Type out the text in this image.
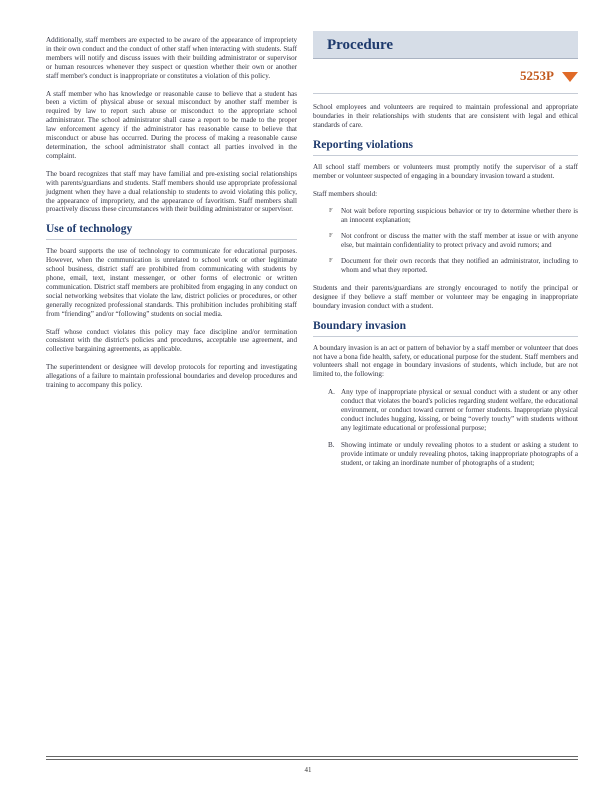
Additionally, staff members are expected to be aware of the appearance of impropriety in their own conduct and the conduct of other staff when interacting with students. Staff members will notify and discuss issues with their building administrator or supervisor or human resources whenever they suspect or question whether their own or another staff member's conduct is inappropriate or constitutes a violation of this policy.

A staff member who has knowledge or reasonable cause to believe that a student has been a victim of physical abuse or sexual misconduct by another staff member is required by law to report such abuse or misconduct to the appropriate school administrator. The school administrator shall cause a report to be made to the proper law enforcement agency if the administrator has reasonable cause to believe that misconduct or abuse has occurred. During the process of making a reasonable cause determination, the school administrator shall contact all parties involved in the complaint.

The board recognizes that staff may have familial and pre-existing social relationships with parents/guardians and students. Staff members should use appropriate professional judgment when they have a dual relationship to students to avoid violating this policy, the appearance of impropriety, and the appearance of favoritism. Staff members shall proactively discuss these circumstances with their building administrator or supervisor.

Use of technology

The board supports the use of technology to communicate for educational purposes. However, when the communication is unrelated to school work or other legitimate school business, district staff are prohibited from communicating with students by phone, email, text, instant messenger, or other forms of electronic or written communication. District staff members are prohibited from engaging in any conduct on social networking websites that violate the law, district policies or procedures, or other generally recognized professional standards. This prohibition includes prohibiting staff from “friending” and/or “following” students on social media.

Staff whose conduct violates this policy may face discipline and/or termination consistent with the district's policies and procedures, acceptable use agreement, and collective bargaining agreements, as applicable.

The superintendent or designee will develop protocols for reporting and investigating allegations of a failure to maintain professional boundaries and develop procedures and training to accompany this policy.

Procedure
5253P

School employees and volunteers are required to maintain professional and appropriate boundaries in their relationships with students that are consistent with legal and ethical standards of care.

Reporting violations

All school staff members or volunteers must promptly notify the supervisor of a staff member or volunteer suspected of engaging in a boundary invasion toward a student.

Staff members should:

F Not wait before reporting suspicious behavior or try to determine whether there is an innocent explanation;
F Not confront or discuss the matter with the staff member at issue or with anyone else, but maintain confidentiality to protect privacy and avoid rumors; and
F Document for their own records that they notified an administrator, including to whom and what they reported.

Students and their parents/guardians are strongly encouraged to notify the principal or designee if they believe a staff member or volunteer may be engaging in inappropriate boundary invasion conduct with a student.

Boundary invasion

A boundary invasion is an act or pattern of behavior by a staff member or volunteer that does not have a bona fide health, safety, or educational purpose for the student. Staff members and volunteers shall not engage in boundary invasions of students, which include, but are not limited to, the following:

A. Any type of inappropriate physical or sexual conduct with a student or any other conduct that violates the board's policies regarding student welfare, the educational environment, or conduct toward current or former students. Inappropriate physical conduct includes hugging, kissing, or being “overly touchy” with students without any legitimate educational or professional purpose;
B. Showing intimate or unduly revealing photos to a student or asking a student to provide intimate or unduly revealing photos, taking inappropriate photographs of a student, or taking an inordinate number of photographs of a student;
41
